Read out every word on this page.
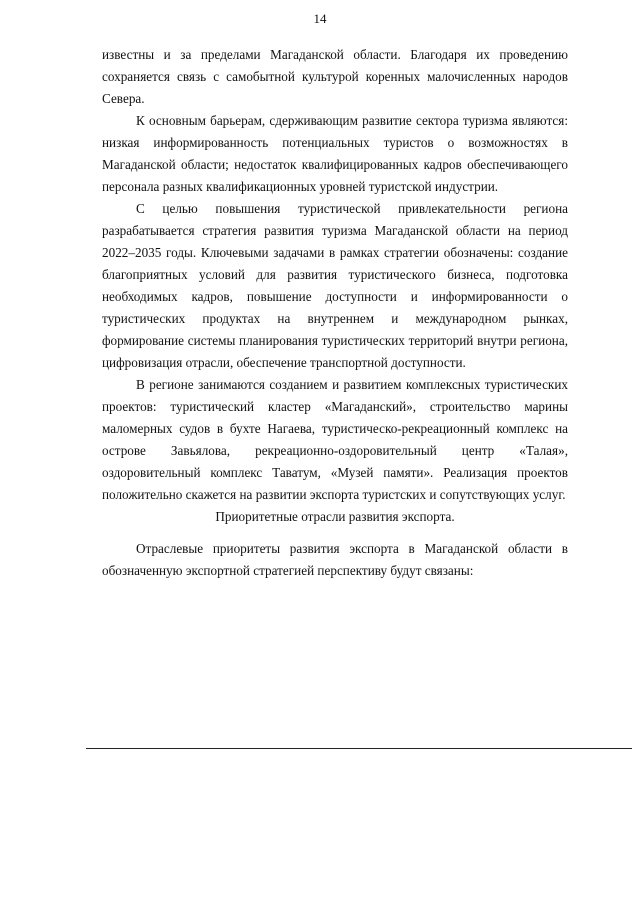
14

известны и за пределами Магаданской области. Благодаря их проведению сохраняется связь с самобытной культурой коренных малочисленных народов Севера.

К основным барьерам, сдерживающим развитие сектора туризма являются: низкая информированность потенциальных туристов о возможностях в Магаданской области; недостаток квалифицированных кадров обеспечивающего персонала разных квалификационных уровней туристской индустрии.

С целью повышения туристической привлекательности региона разрабатывается стратегия развития туризма Магаданской области на период 2022–2035 годы. Ключевыми задачами в рамках стратегии обозначены: создание благоприятных условий для развития туристического бизнеса, подготовка необходимых кадров, повышение доступности и информированности о туристических продуктах на внутреннем и международном рынках, формирование системы планирования туристических территорий внутри региона, цифровизация отрасли, обеспечение транспортной доступности.

В регионе занимаются созданием и развитием комплексных туристических проектов: туристический кластер «Магаданский», строительство марины маломерных судов в бухте Нагаева, туристическо-рекреационный комплекс на острове Завьялова, рекреационно-оздоровительный центр «Талая», оздоровительный комплекс Таватум, «Музей памяти». Реализация проектов положительно скажется на развитии экспорта туристских и сопутствующих услуг.

Приоритетные отрасли развития экспорта.

Отраслевые приоритеты развития экспорта в Магаданской области в обозначенную экспортной стратегией перспективу будут связаны:
